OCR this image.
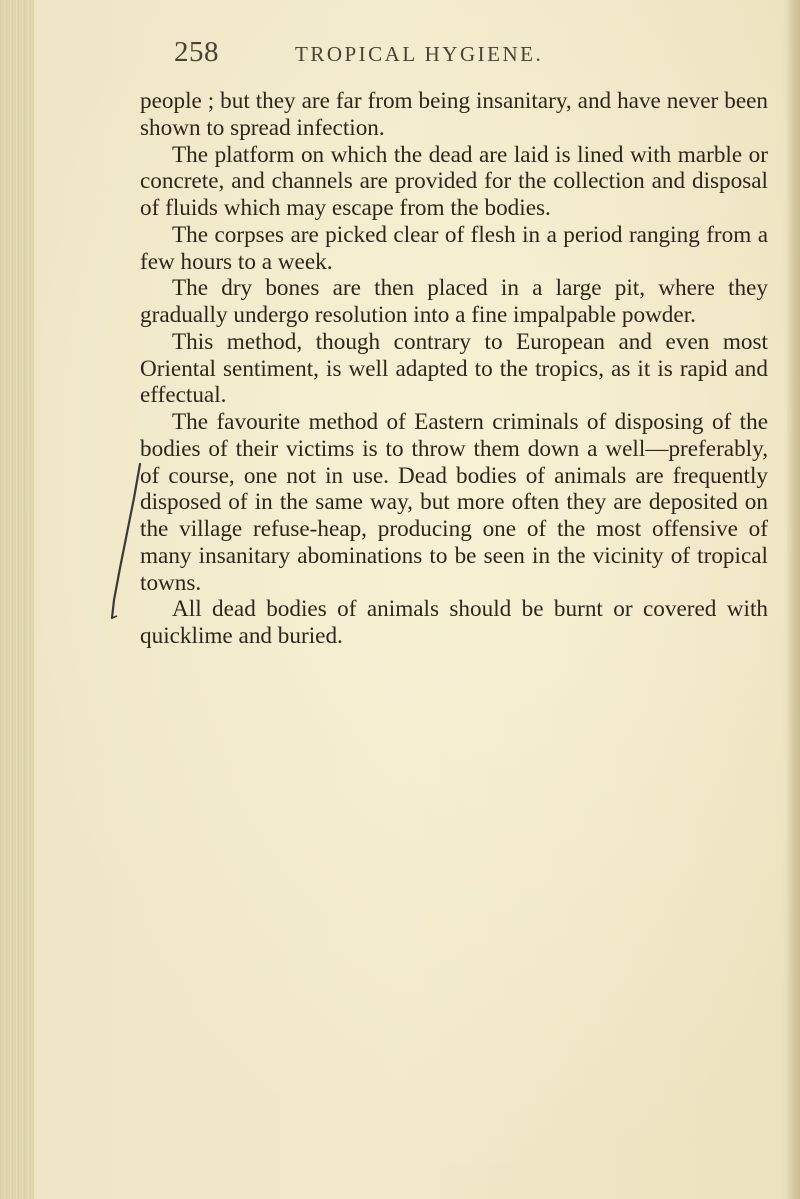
258	TROPICAL HYGIENE.

people ; but they are far from being insanitary, and have never been shown to spread infection.

The platform on which the dead are laid is lined with marble or concrete, and channels are provided for the collection and disposal of fluids which may escape from the bodies.

The corpses are picked clear of flesh in a period ranging from a few hours to a week.

The dry bones are then placed in a large pit, where they gradually undergo resolution into a fine impalpable powder.

This method, though contrary to European and even most Oriental sentiment, is well adapted to the tropics, as it is rapid and effectual.

The favourite method of Eastern criminals of disposing of the bodies of their victims is to throw them down a well—preferably, of course, one not in use. Dead bodies of animals are frequently disposed of in the same way, but more often they are deposited on the village refuse-heap, producing one of the most offensive of many insanitary abominations to be seen in the vicinity of tropical towns.

All dead bodies of animals should be burnt or covered with quicklime and buried.
